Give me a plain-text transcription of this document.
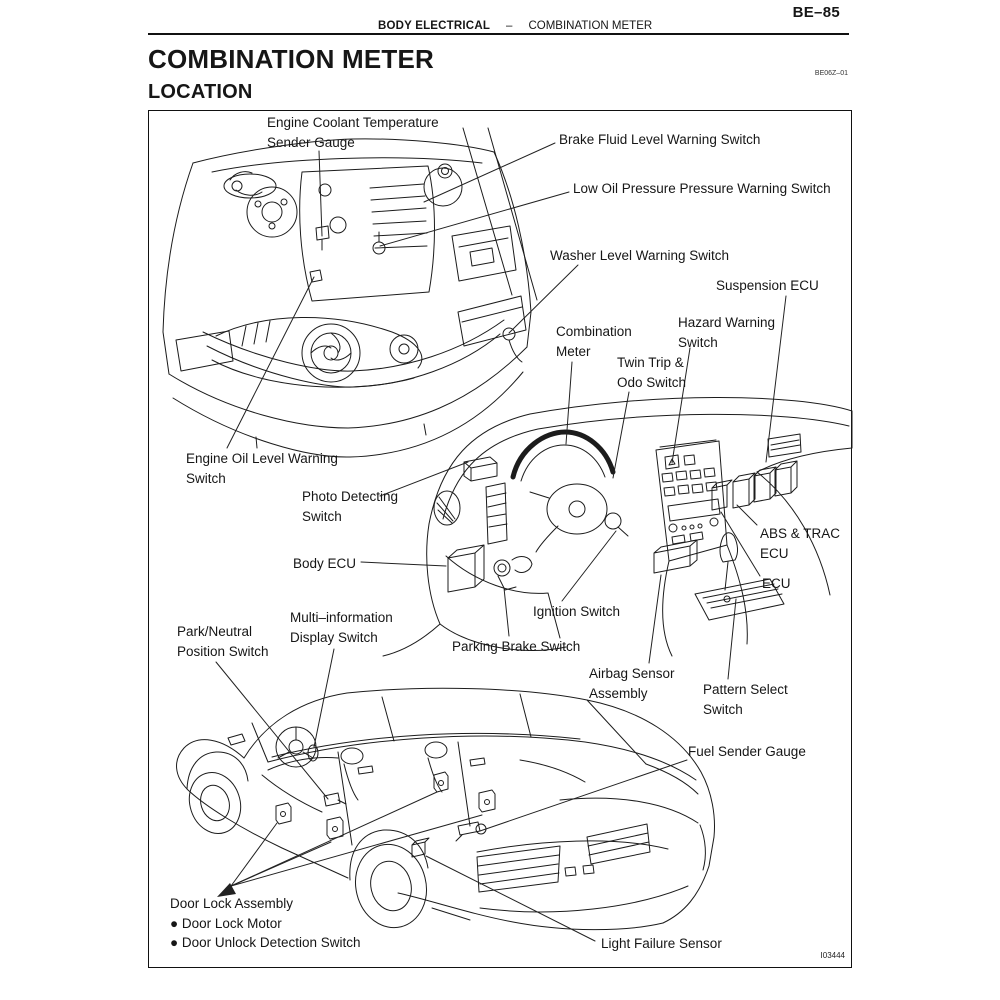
BE–85
BODY ELECTRICAL – COMBINATION METER
COMBINATION METER
LOCATION
BE06Z–01
Engine Coolant Temperature
Sender Gauge	Brake Fluid Level Warning Switch
Low Oil Pressure Pressure Warning Switch
Washer Level Warning Switch
Suspension ECU
Combination
Meter
Hazard Warning
Switch
Twin Trip &
Odo Switch
Engine Oil Level Warning
Switch
Photo Detecting
Switch
Body ECU
ABS & TRAC
ECU
ECU
Ignition Switch
Parking Brake Switch
Airbag Sensor
Assembly	Pattern Select
Switch
Park/Neutral
Position Switch
Multi–information
Display Switch
Fuel Sender Gauge
Door Lock Assembly
● Door Lock Motor
● Door Unlock Detection Switch	Light Failure Sensor
I03444
